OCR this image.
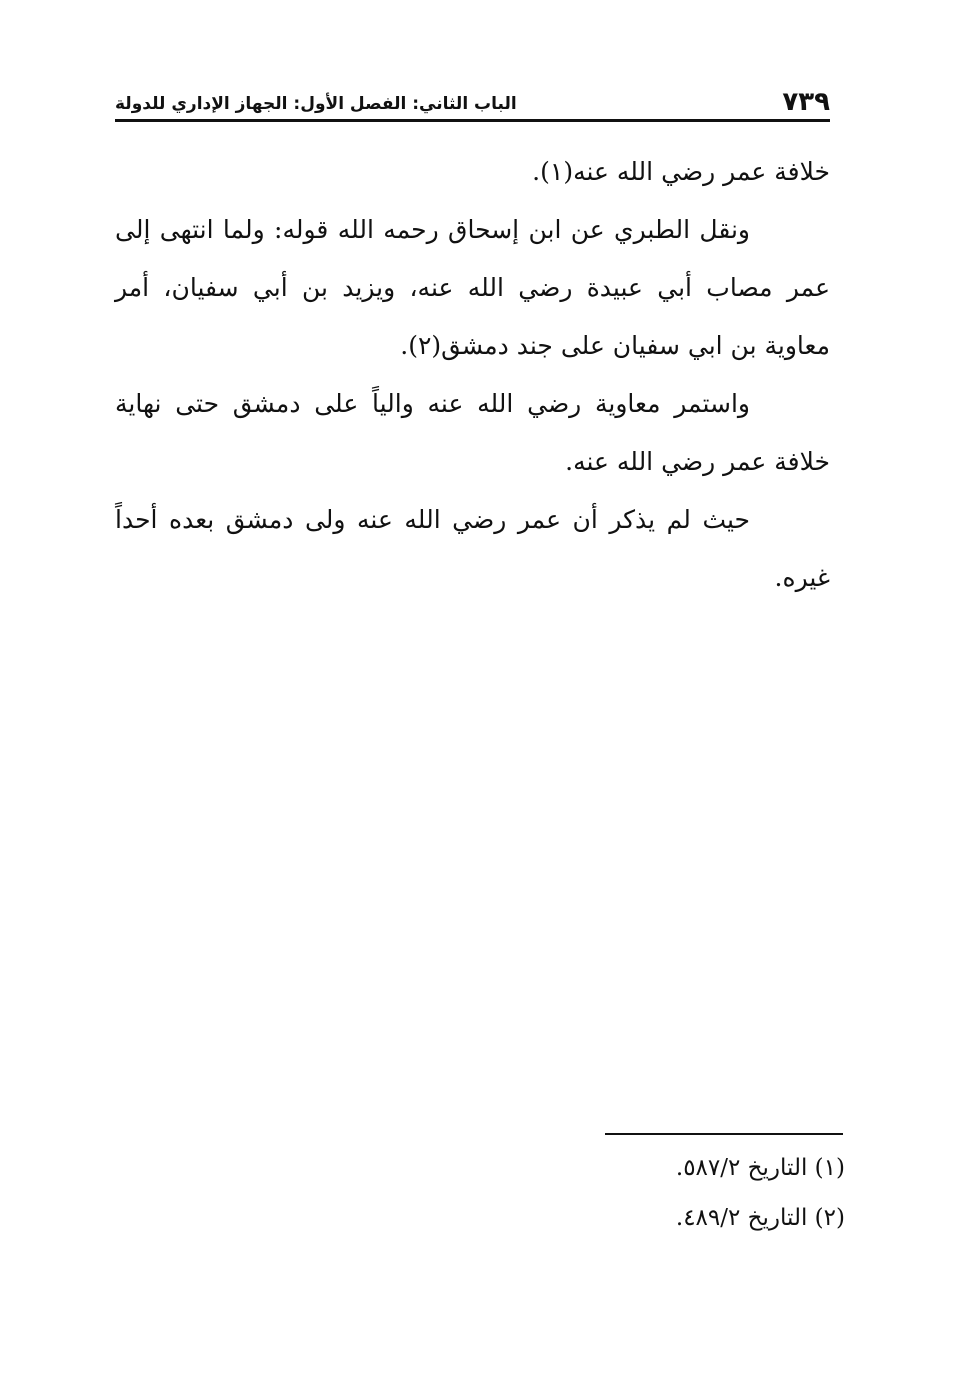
٧٣٩
الباب الثاني: الفصل الأول: الجهاز الإداري للدولة

خلافة عمر رضي الله عنه(١).

ونقل الطبري عن ابن إسحاق رحمه الله قوله: ولما انتهى إلى عمر مصاب أبي عبيدة رضي الله عنه، ويزيد بن أبي سفيان، أمر معاوية بن ابي سفيان على جند دمشق(٢).

واستمر معاوية رضي الله عنه والياً على دمشق حتى نهاية خلافة عمر رضي الله عنه.

حيث لم يذكر أن عمر رضي الله عنه ولى دمشق بعده أحداً غيره.

(١) التاريخ ٥٨٧/٢.
(٢) التاريخ ٤٨٩/٢.
